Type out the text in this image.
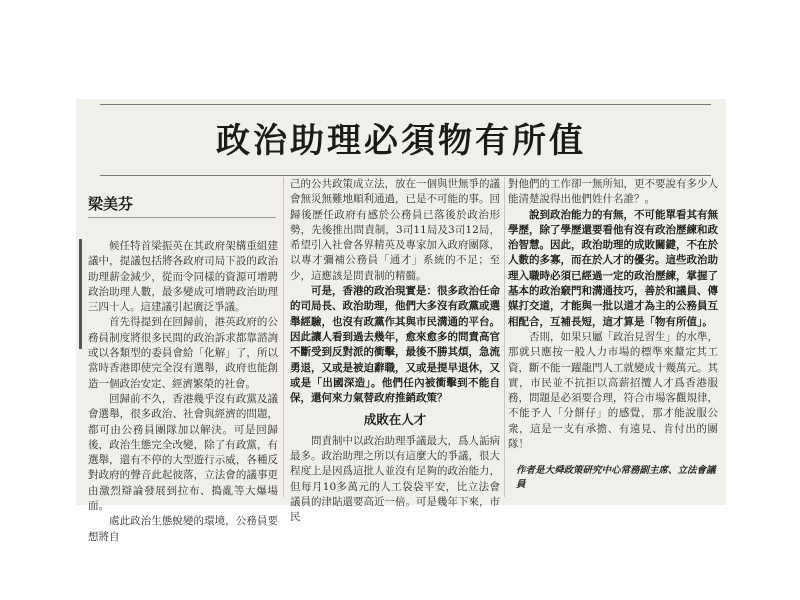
政治助理必須物有所值
梁美芬

候任特首梁振英在其政府架構重組建議中，提議包括將各政府司局下設的政治助理薪金減少，從而令同樣的資源可增聘政治助理人數，最多變成可增聘政治助理三四十人。這建議引起廣泛爭議。

首先得提到在回歸前，港英政府的公務員制度將很多民間的政治訴求都靠諮詢或以各類型的委員會給「化解」了，所以當時香港即使完全沒有選舉，政府也能創造一個政治安定、經濟繁榮的社會。

回歸前不久，香港幾乎沒有政黨及議會選舉，很多政治、社會與經濟的問題，都可由公務員團隊加以解決。可是回歸後，政治生態完全改變，除了有政黨，有選舉，還有不停的大型遊行示威，各種反對政府的聲音此起彼落，立法會的議事更由激烈辯論發展到拉布、搗亂等大爆場面。

處此政治生態蛻變的環境，公務員要想將自

己的公共政策成立法，放在一個與世無爭的議會無災無難地順利通過，已是不可能的事。回歸後歷任政府有感於公務員已落後於政治形勢，先後推出問責制，3司11局及3司12局，希望引入社會各界精英及專家加入政府團隊，以專才彌補公務員「通才」系統的不足；至少，這應該是問責制的精髓。

可是，香港的政治現實是：很多政治任命的司局長、政治助理，他們大多沒有政黨或選舉經驗，也沒有政黨作其與市民溝通的平台。因此讓人看到過去幾年，愈來愈多的問責高官不斷受到反對派的衝擊，最後不勝其煩，急流勇退，又或是被迫辭職，又或是提早退休，又或是「出國深造」。他們任內被衝擊到不能自保，還何來力氣替政府推銷政策？

成敗在人才

問責制中以政治助理爭議最大，爲人詬病最多。政治助理之所以有這麼大的爭議，很大程度上是因爲這批人並沒有足夠的政治能力，但每月10多萬元的人工袋袋平安，比立法會議員的津貼還要高近一倍。可是幾年下來，市民

對他們的工作卻一無所知，更不要說有多少人能清楚說得出他們姓什名誰？。

說到政治能力的有無，不可能單看其有無學歷，除了學歷還要看他有沒有政治歷練和政治智慧。因此，政治助理的成敗關鍵，不在於人數的多寡，而在於人才的優劣。這些政治助理入職時必須已經過一定的政治歷練，掌握了基本的政治竅門和溝通技巧，善於和議員、傳媒打交道，才能與一批以道才為主的公務員互相配合，互補長短，這才算是「物有所值」。

否則，如果只屬「政治見習生」的水準，那就只應按一般人力市場的標準來釐定其工資，斷不能一躍龍門人工就變成十幾萬元。其實，市民並不抗拒以高薪招攬人才爲香港服務，問題是必須要合理，符合市場客觀規律，不能予人「分餅仔」的感覺，那才能說服公衆，這是一支有承擔、有遠見、肯付出的團隊！

作者是大舜政策研究中心常務副主席、立法會議員
